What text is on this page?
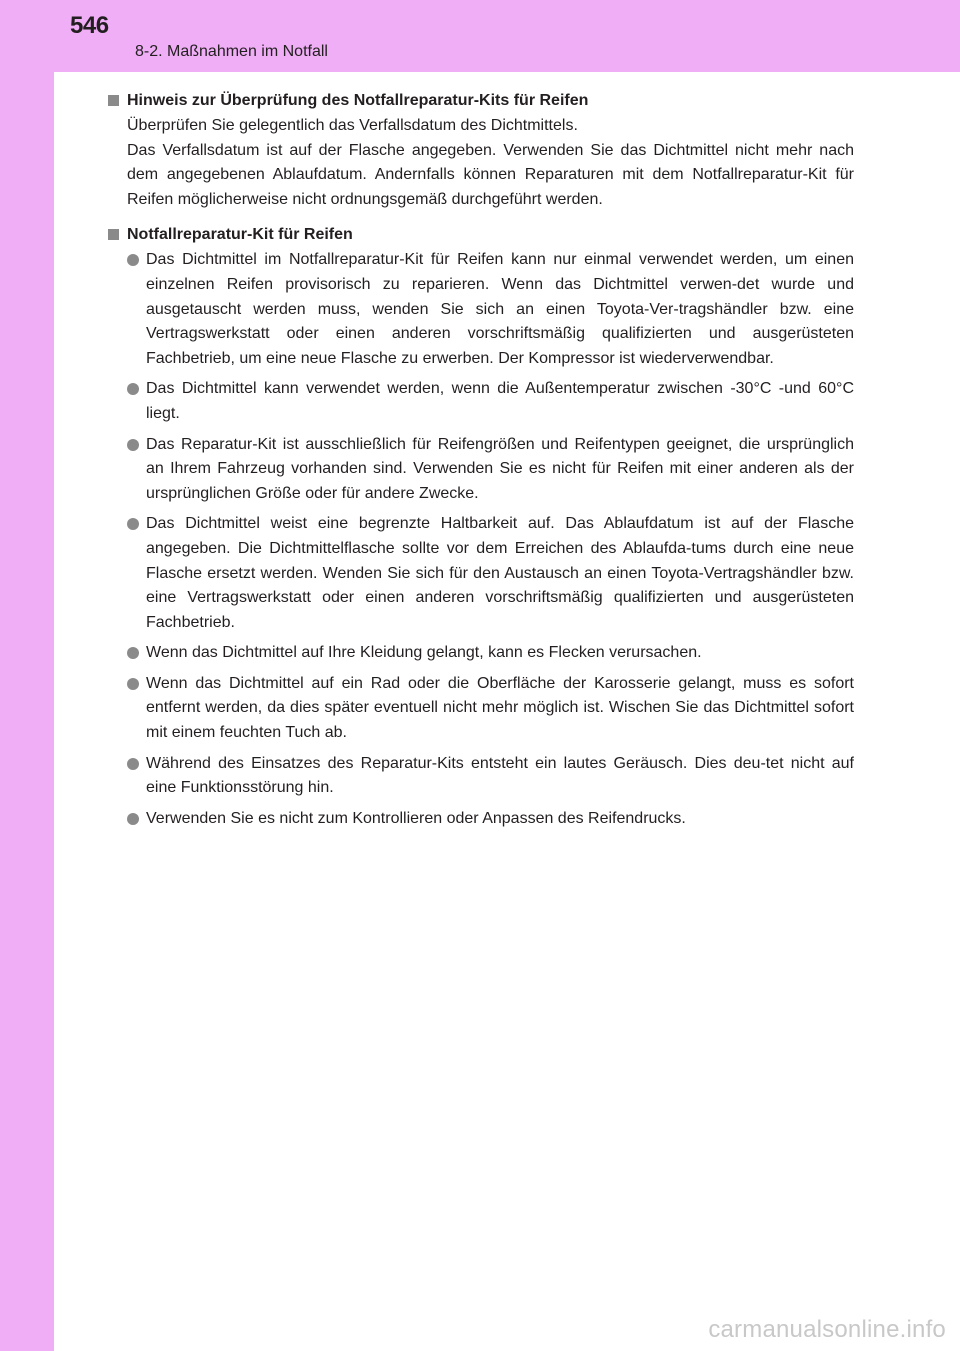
546
8-2. Maßnahmen im Notfall
Hinweis zur Überprüfung des Notfallreparatur-Kits für Reifen

Überprüfen Sie gelegentlich das Verfallsdatum des Dichtmittels.

Das Verfallsdatum ist auf der Flasche angegeben. Verwenden Sie das Dichtmittel nicht mehr nach dem angegebenen Ablaufdatum. Andernfalls können Reparaturen mit dem Notfallreparatur-Kit für Reifen möglicherweise nicht ordnungsgemäß durchgeführt werden.

Notfallreparatur-Kit für Reifen
Das Dichtmittel im Notfallreparatur-Kit für Reifen kann nur einmal verwendet werden, um einen einzelnen Reifen provisorisch zu reparieren. Wenn das Dichtmittel verwen-det wurde und ausgetauscht werden muss, wenden Sie sich an einen Toyota-Ver-tragshändler bzw. eine Vertragswerkstatt oder einen anderen vorschriftsmäßig qualifizierten und ausgerüsteten Fachbetrieb, um eine neue Flasche zu erwerben. Der Kompressor ist wiederverwendbar.
Das Dichtmittel kann verwendet werden, wenn die Außentemperatur zwischen -30°C -und 60°C liegt.
Das Reparatur-Kit ist ausschließlich für Reifengrößen und Reifentypen geeignet, die ursprünglich an Ihrem Fahrzeug vorhanden sind. Verwenden Sie es nicht für Reifen mit einer anderen als der ursprünglichen Größe oder für andere Zwecke.
Das Dichtmittel weist eine begrenzte Haltbarkeit auf. Das Ablaufdatum ist auf der Flasche angegeben. Die Dichtmittelflasche sollte vor dem Erreichen des Ablaufda-tums durch eine neue Flasche ersetzt werden. Wenden Sie sich für den Austausch an einen Toyota-Vertragshändler bzw. eine Vertragswerkstatt oder einen anderen vorschriftsmäßig qualifizierten und ausgerüsteten Fachbetrieb.
Wenn das Dichtmittel auf Ihre Kleidung gelangt, kann es Flecken verursachen.
Wenn das Dichtmittel auf ein Rad oder die Oberfläche der Karosserie gelangt, muss es sofort entfernt werden, da dies später eventuell nicht mehr möglich ist. Wischen Sie das Dichtmittel sofort mit einem feuchten Tuch ab.
Während des Einsatzes des Reparatur-Kits entsteht ein lautes Geräusch. Dies deu-tet nicht auf eine Funktionsstörung hin.
Verwenden Sie es nicht zum Kontrollieren oder Anpassen des Reifendrucks.
carmanualsonline.info
